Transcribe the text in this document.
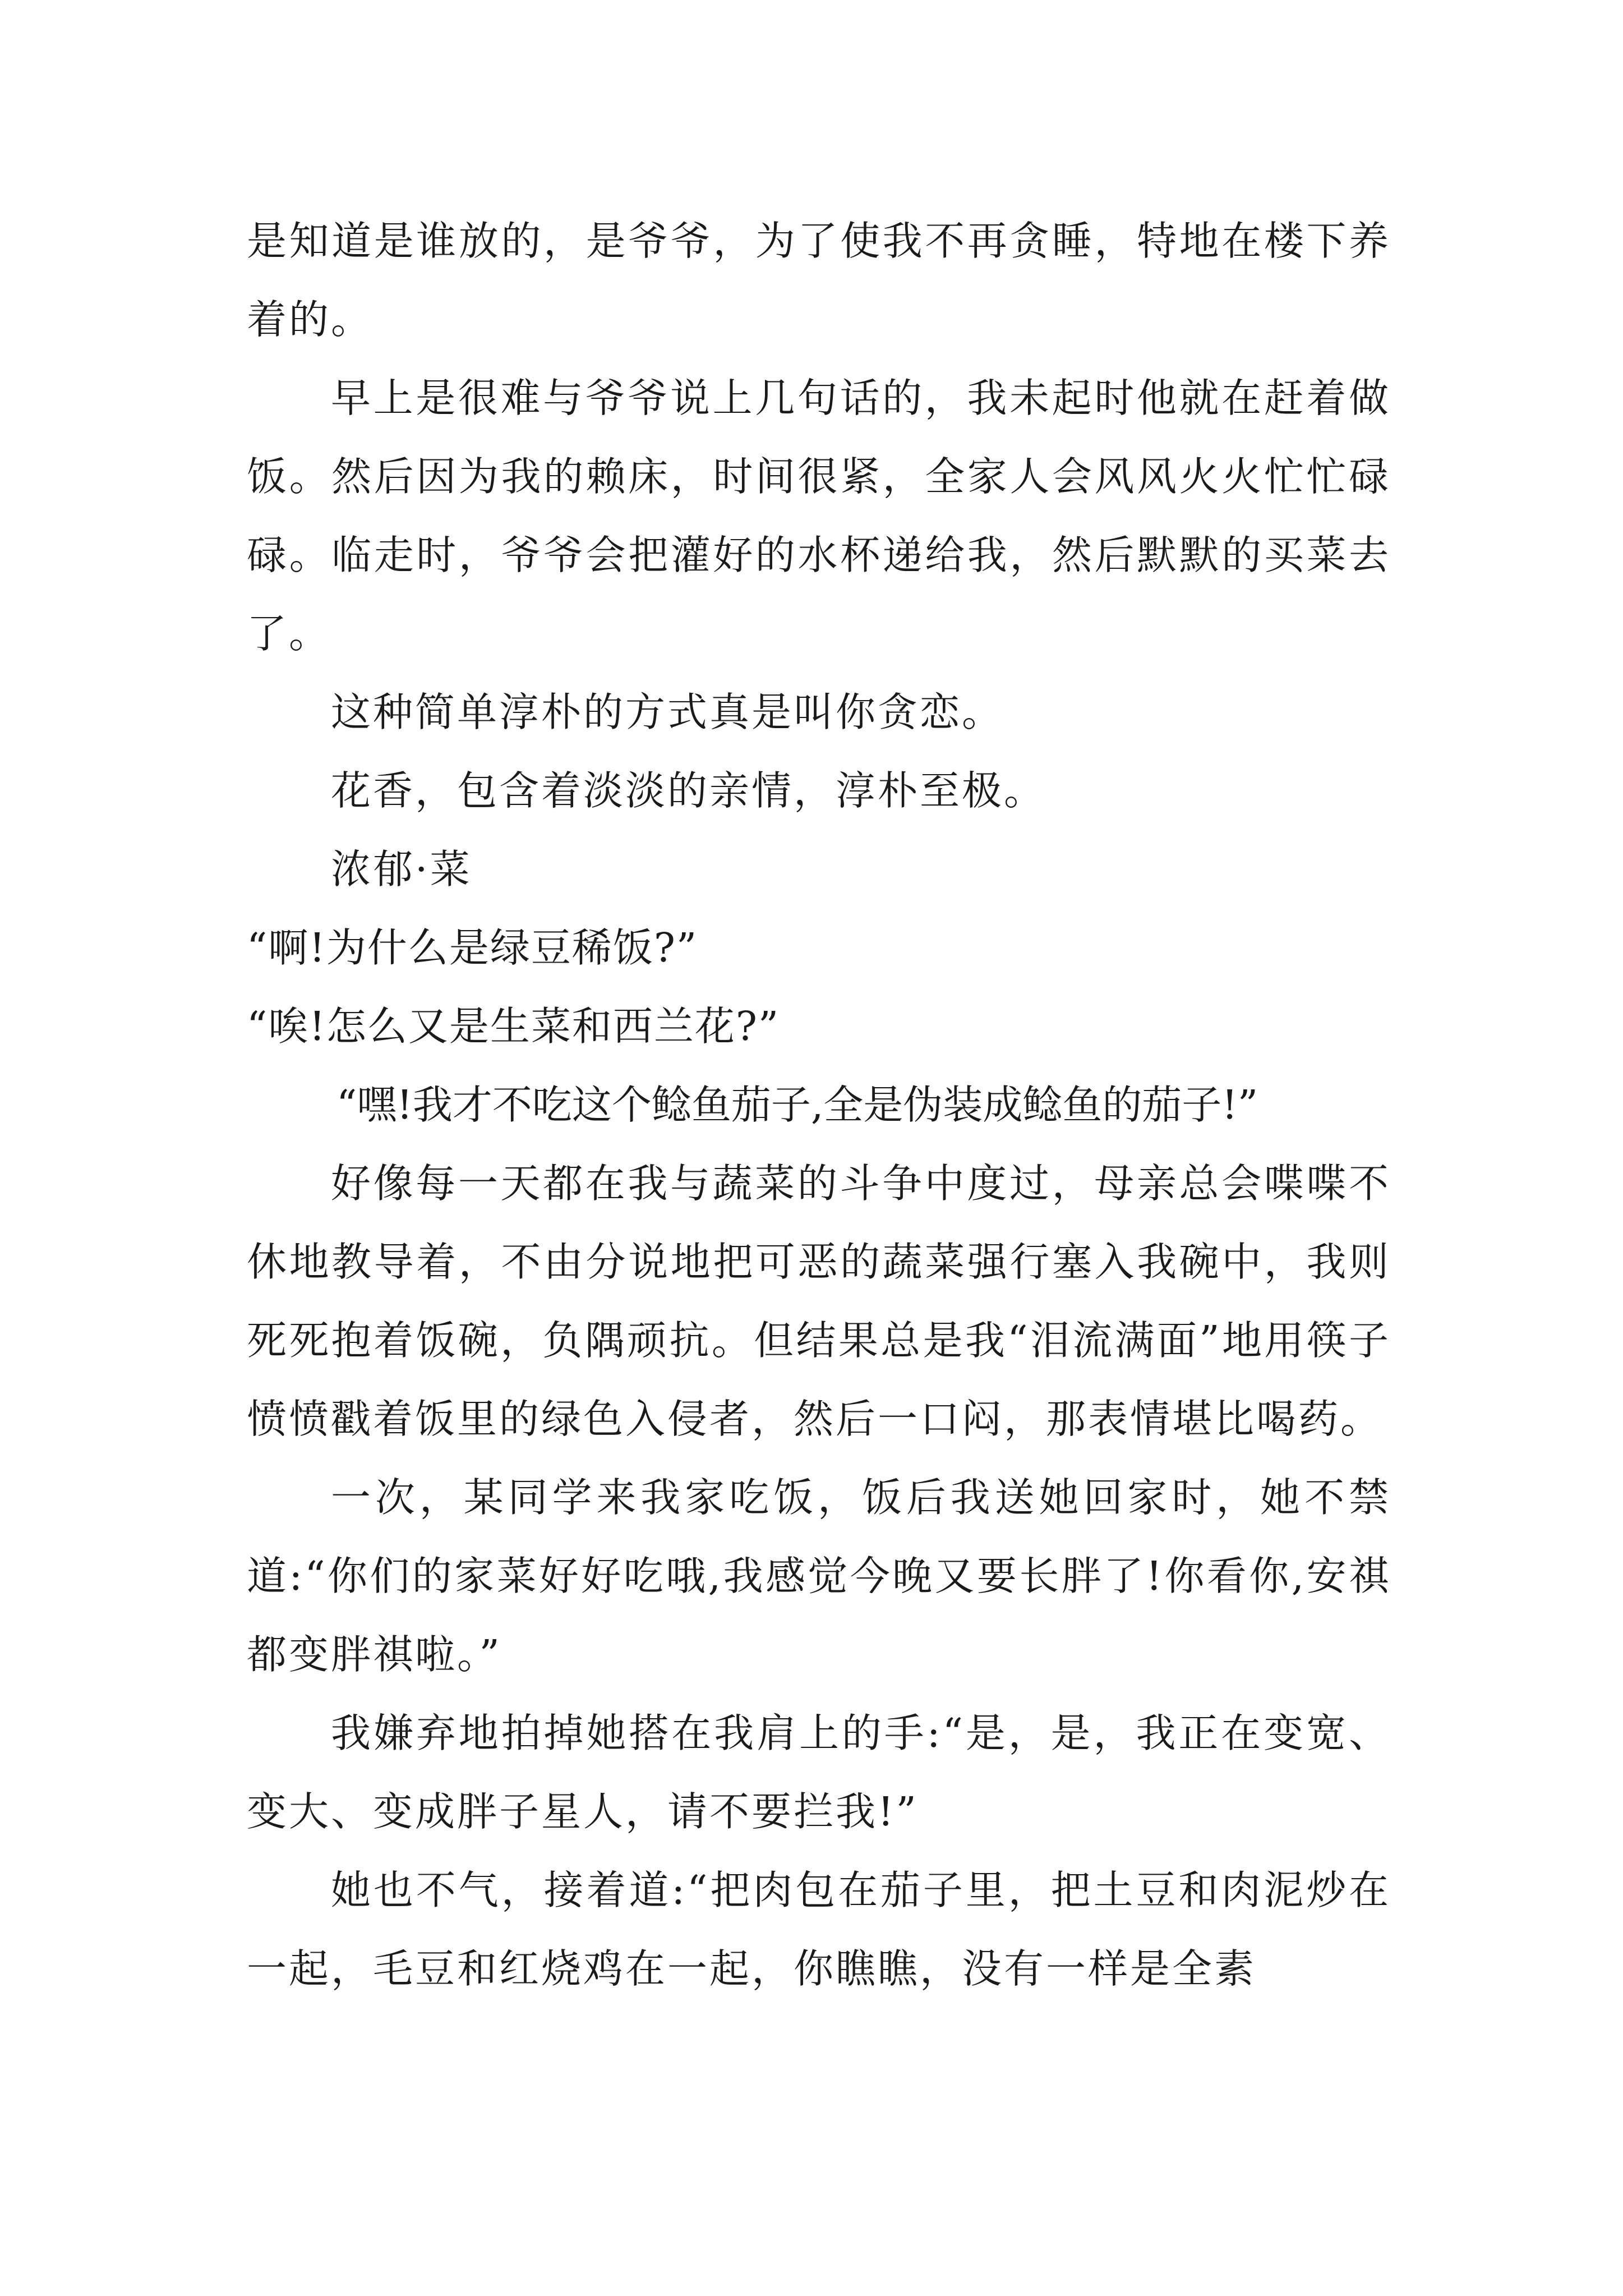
是知道是谁放的，是爷爷，为了使我不再贪睡，特地在楼下养着的。

早上是很难与爷爷说上几句话的，我未起时他就在赶着做饭。然后因为我的赖床，时间很紧，全家人会风风火火忙忙碌碌。临走时，爷爷会把灌好的水杯递给我，然后默默的买菜去了。

这种简单淳朴的方式真是叫你贪恋。

花香，包含着淡淡的亲情，淳朴至极。

浓郁·菜

“啊!为什么是绿豆稀饭?”

“唉!怎么又是生菜和西兰花?”

“嘿!我才不吃这个鲶鱼茄子,全是伪装成鲶鱼的茄子!”

好像每一天都在我与蔬菜的斗争中度过，母亲总会喋喋不休地教导着，不由分说地把可恶的蔬菜强行塞入我碗中，我则死死抱着饭碗，负隅顽抗。但结果总是我“泪流满面”地用筷子愤愤戳着饭里的绿色入侵者，然后一口闷，那表情堪比喝药。

一次，某同学来我家吃饭，饭后我送她回家时，她不禁道:“你们的家菜好好吃哦,我感觉今晚又要长胖了!你看你,安祺都变胖祺啦。”

我嫌弃地拍掉她搭在我肩上的手:“是，是，我正在变宽、变大、变成胖子星人，请不要拦我!”

她也不气，接着道:“把肉包在茄子里，把土豆和肉泥炒在一起，毛豆和红烧鸡在一起，你瞧瞧，没有一样是全素
